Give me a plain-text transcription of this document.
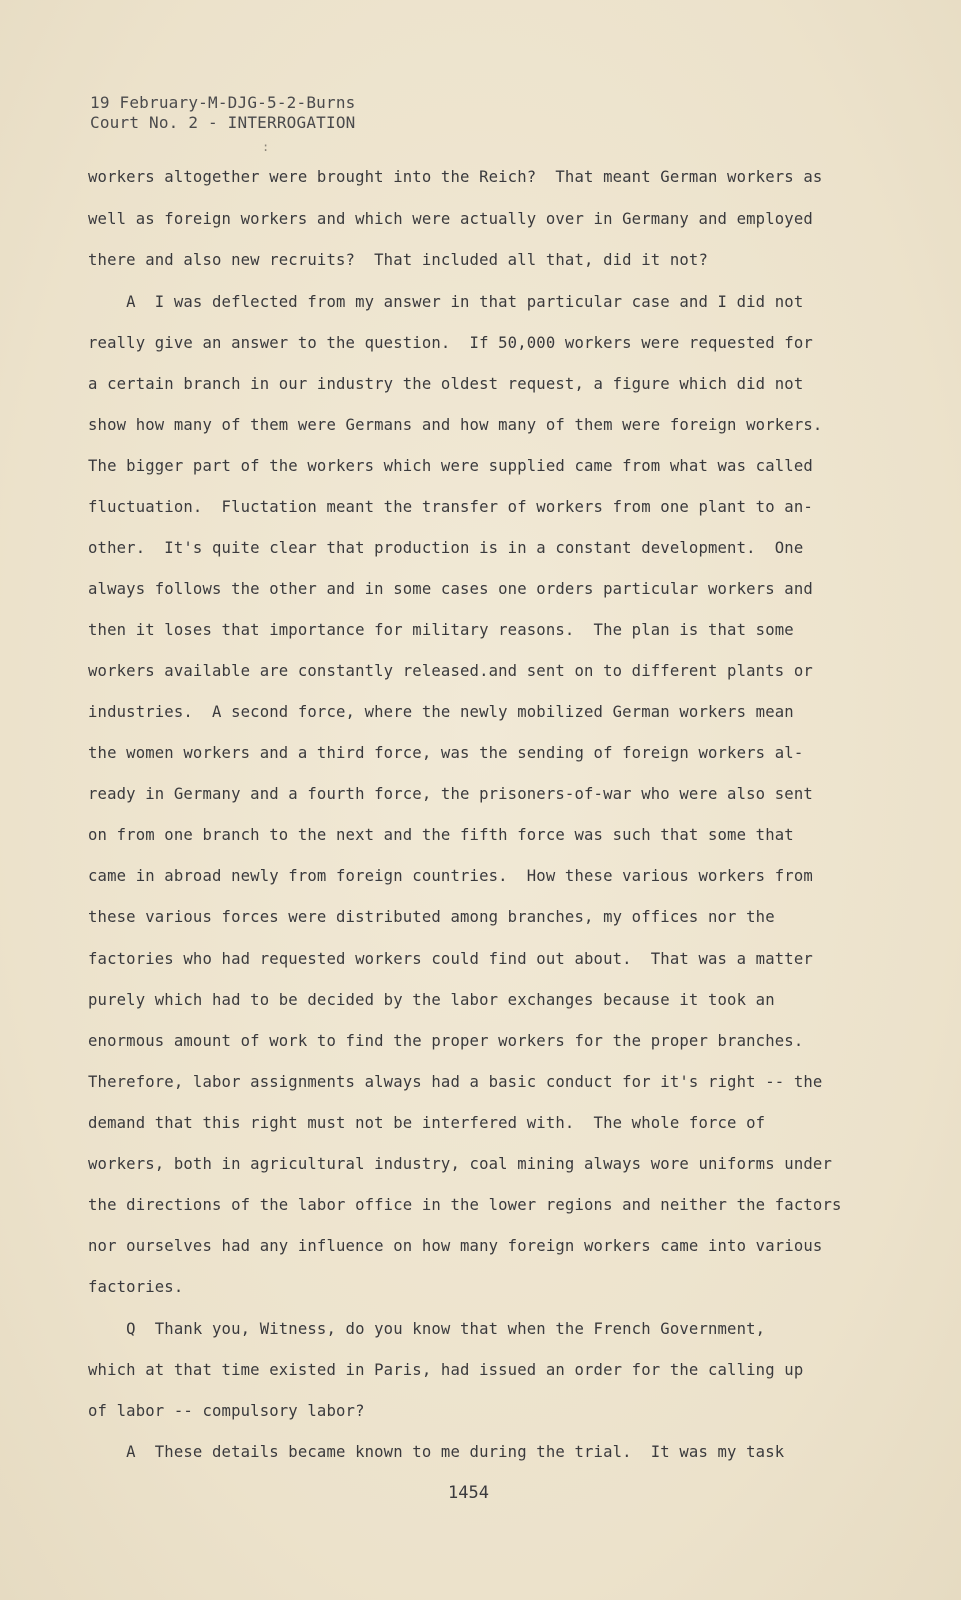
19 February-M-DJG-5-2-Burns
Court No. 2 - INTERROGATION
:
workers altogether were brought into the Reich?  That meant German workers as
well as foreign workers and which were actually over in Germany and employed
there and also new recruits?  That included all that, did it not?
A  I was deflected from my answer in that particular case and I did not
really give an answer to the question.  If 50,000 workers were requested for
a certain branch in our industry the oldest request, a figure which did not
show how many of them were Germans and how many of them were foreign workers.
The bigger part of the workers which were supplied came from what was called
fluctuation.  Fluctation meant the transfer of workers from one plant to an-
other.  It's quite clear that production is in a constant development.  One
always follows the other and in some cases one orders particular workers and
then it loses that importance for military reasons.  The plan is that some
workers available are constantly released.and sent on to different plants or
industries.  A second force, where the newly mobilized German workers mean
the women workers and a third force, was the sending of foreign workers al-
ready in Germany and a fourth force, the prisoners-of-war who were also sent
on from one branch to the next and the fifth force was such that some that
came in abroad newly from foreign countries.  How these various workers from
these various forces were distributed among branches, my offices nor the
factories who had requested workers could find out about.  That was a matter
purely which had to be decided by the labor exchanges because it took an
enormous amount of work to find the proper workers for the proper branches.
Therefore, labor assignments always had a basic conduct for it's right -- the
demand that this right must not be interfered with.  The whole force of
workers, both in agricultural industry, coal mining always wore uniforms under
the directions of the labor office in the lower regions and neither the factors
nor ourselves had any influence on how many foreign workers came into various
factories.
Q  Thank you, Witness, do you know that when the French Government,
which at that time existed in Paris, had issued an order for the calling up
of labor -- compulsory labor?
A  These details became known to me during the trial.  It was my task
1454
